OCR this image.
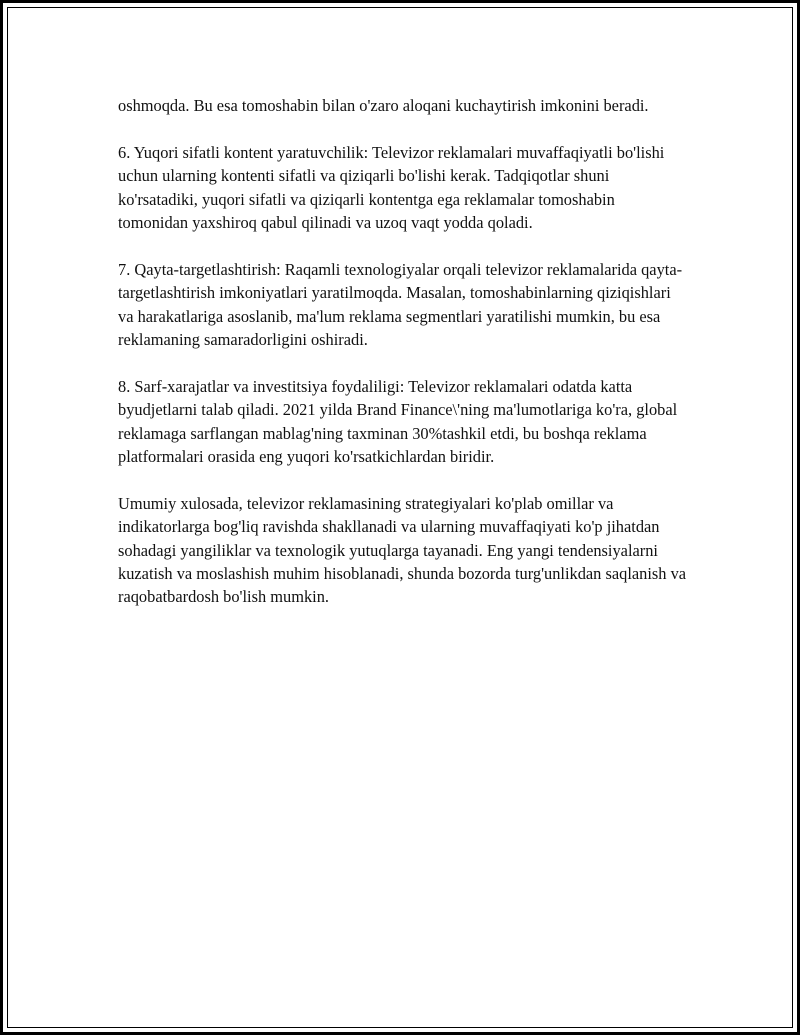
oshmoqda. Bu esa tomoshabin bilan o'zaro aloqani kuchaytirish imkonini beradi.

6. Yuqori sifatli kontent yaratuvchilik: Televizor reklamalari muvaffaqiyatli bo'lishi uchun ularning kontenti sifatli va qiziqarli bo'lishi kerak. Tadqiqotlar shuni ko'rsatadiki, yuqori sifatli va qiziqarli kontentga ega reklamalar tomoshabin tomonidan yaxshiroq qabul qilinadi va uzoq vaqt yodda qoladi.

7. Qayta-targetlashtirish: Raqamli texnologiyalar orqali televizor reklamalarida qayta-targetlashtirish imkoniyatlari yaratilmoqda. Masalan, tomoshabinlarning qiziqishlari va harakatlariga asoslanib, ma'lum reklama segmentlari yaratilishi mumkin, bu esa reklamaning samaradorligini oshiradi.

8. Sarf-xarajatlar va investitsiya foydaliligi: Televizor reklamalari odatda katta byudjetlarni talab qiladi. 2021 yilda Brand Finance\'ning ma'lumotlariga ko'ra, global reklamaga sarflangan mablag'ning taxminan 30%tashkil etdi, bu boshqa reklama platformalari orasida eng yuqori ko'rsatkichlardan biridir.

Umumiy xulosada, televizor reklamasining strategiyalari ko'plab omillar va indikatorlarga bog'liq ravishda shakllanadi va ularning muvaffaqiyati ko'p jihatdan sohadagi yangiliklar va texnologik yutuqlarga tayanadi. Eng yangi tendensiyalarni kuzatish va moslashish muhim hisoblanadi, shunda bozorda turg'unlikdan saqlanish va raqobatbardosh bo'lish mumkin.
